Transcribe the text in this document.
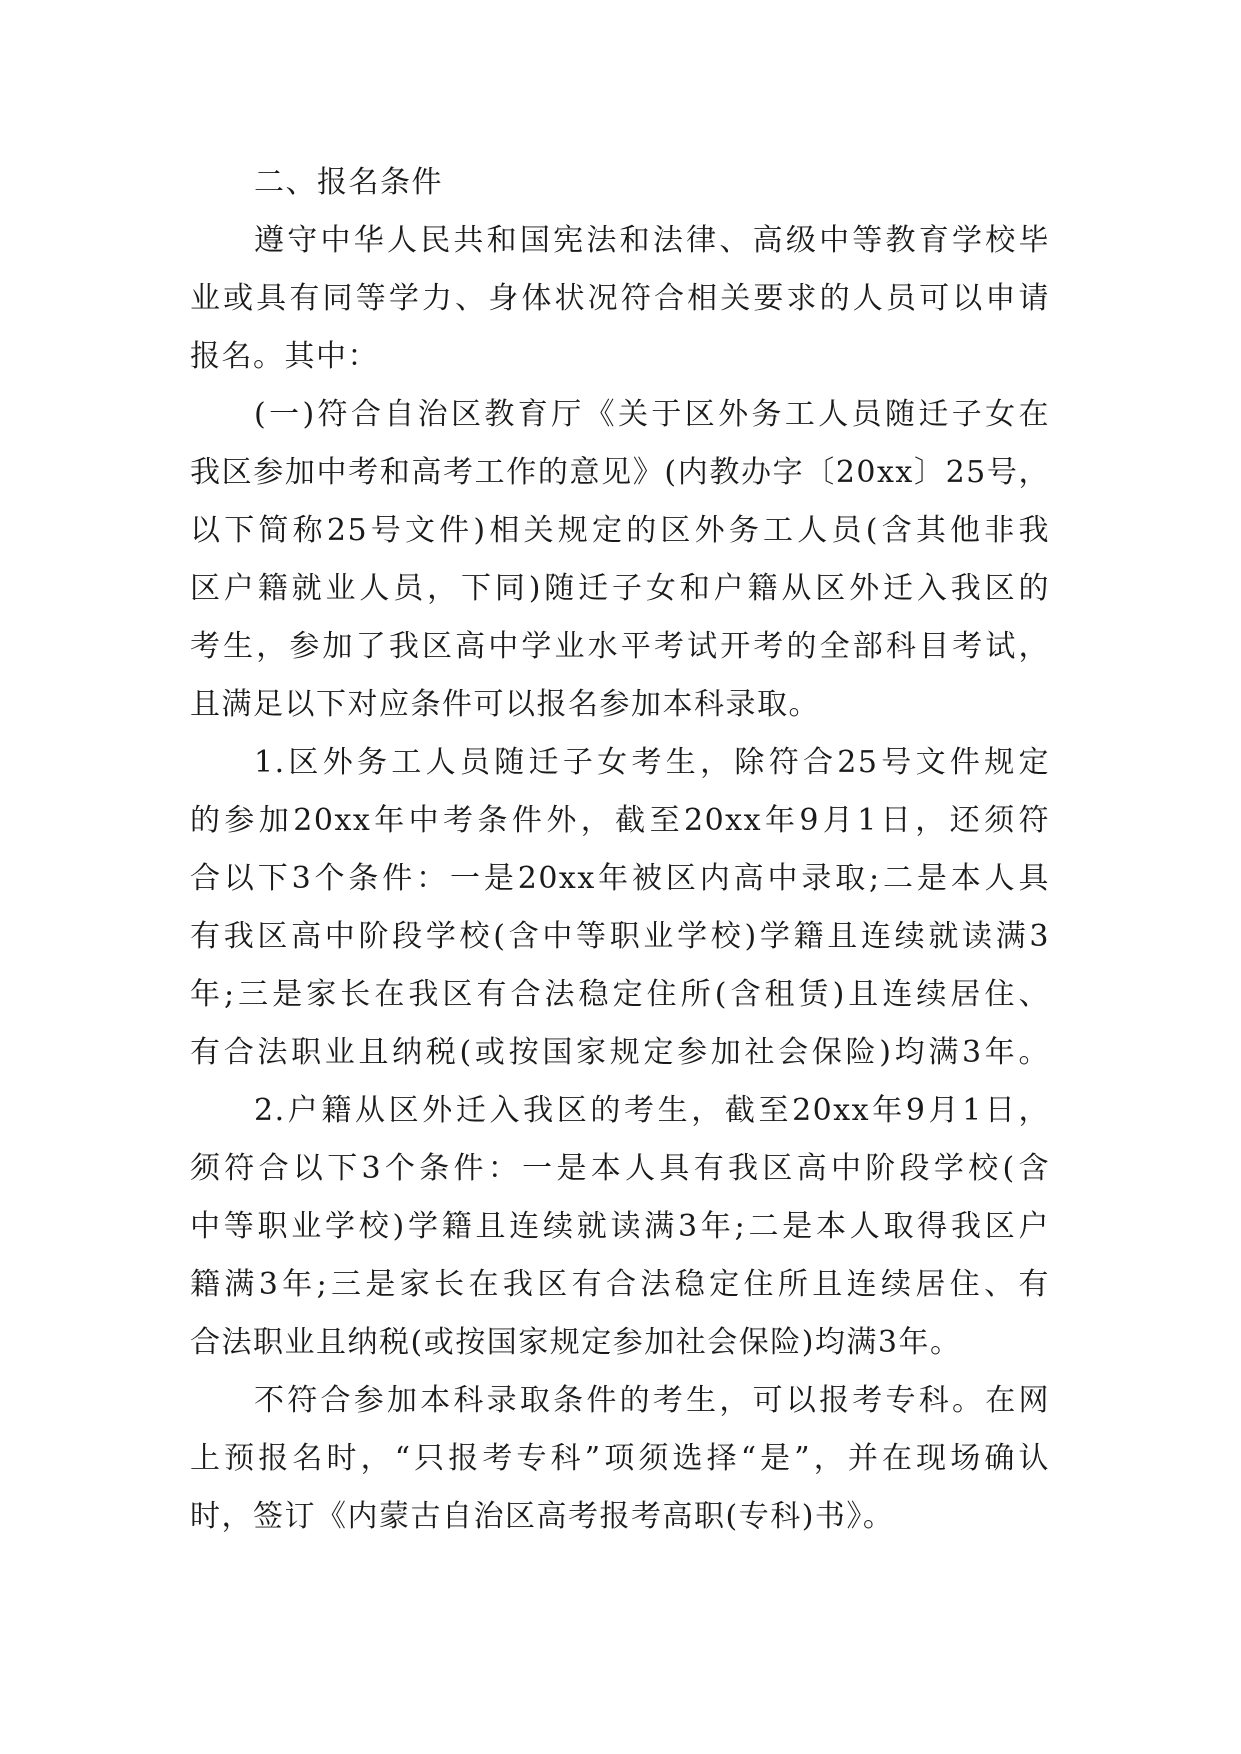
二、报名条件
遵守中华人民共和国宪法和法律、高级中等教育学校毕
业或具有同等学力、身体状况符合相关要求的人员可以申请
报名。其中：
(一)符合自治区教育厅《关于区外务工人员随迁子女在
我区参加中考和高考工作的意见》(内教办字〔20xx〕25号，
以下简称25号文件)相关规定的区外务工人员(含其他非我
区户籍就业人员，下同)随迁子女和户籍从区外迁入我区的
考生，参加了我区高中学业水平考试开考的全部科目考试，
且满足以下对应条件可以报名参加本科录取。
1.区外务工人员随迁子女考生，除符合25号文件规定
的参加20xx年中考条件外，截至20xx年9月1日，还须符
合以下3个条件：一是20xx年被区内高中录取;二是本人具
有我区高中阶段学校(含中等职业学校)学籍且连续就读满3
年;三是家长在我区有合法稳定住所(含租赁)且连续居住、
有合法职业且纳税(或按国家规定参加社会保险)均满3年。
2.户籍从区外迁入我区的考生，截至20xx年9月1日，
须符合以下3个条件：一是本人具有我区高中阶段学校(含
中等职业学校)学籍且连续就读满3年;二是本人取得我区户
籍满3年;三是家长在我区有合法稳定住所且连续居住、有
合法职业且纳税(或按国家规定参加社会保险)均满3年。
不符合参加本科录取条件的考生，可以报考专科。在网
上预报名时，“只报考专科”项须选择“是”，并在现场确认
时，签订《内蒙古自治区高考报考高职(专科)书》。
